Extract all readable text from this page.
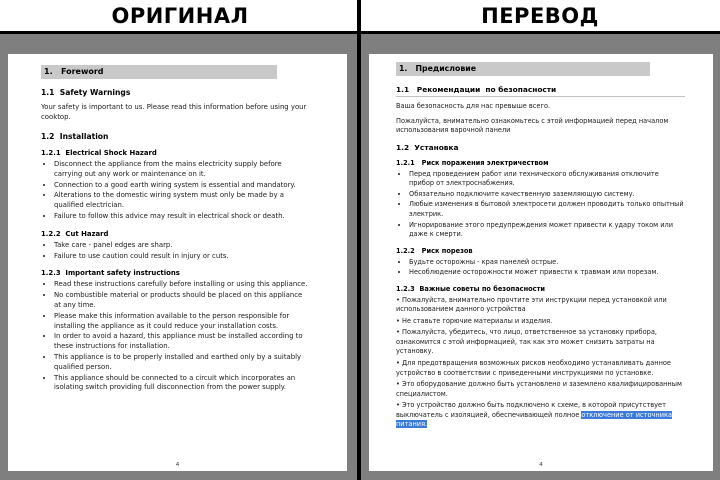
ОРИГИНАЛ	ПЕРЕВОД
1.   Foreword
1.1  Safety Warnings

Your safety is important to us. Please read this information before using your cooktop.

1.2  Installation
1.2.1  Electrical Shock Hazard
• Disconnect the appliance from the mains electricity supply before carrying out any work or maintenance on it.
• Connection to a good earth wiring system is essential and mandatory.
• Alterations to the domestic wiring system must only be made by a qualified electrician.
• Failure to follow this advice may result in electrical shock or death.
1.2.2  Cut Hazard
• Take care - panel edges are sharp.
• Failure to use caution could result in injury or cuts.
1.2.3  Important safety instructions
• Read these instructions carefully before installing or using this appliance.
• No combustible material or products should be placed on this appliance at any time.
• Please make this information available to the person responsible for installing the appliance as it could reduce your installation costs.
• In order to avoid a hazard, this appliance must be installed according to these instructions for installation.
• This appliance is to be properly installed and earthed only by a suitably qualified person.
• This appliance should be connected to a circuit which incorporates an isolating switch providing full disconnection from the power supply.
4
1.   Предисловие
1.1   Рекомендации  по безопасности

Ваша безопасность для нас превыше всего.

Пожалуйста, внимательно ознакомьтесь с этой информацией перед началом использования варочной панели

1.2  Установка
1.2.1   Риск поражения электричеством
• Перед проведением работ или технического обслуживания отключите прибор от электроснабжения.
• Обязательно подключите качественную заземляющую систему.
• Любые изменения в бытовой электросети должен проводить только опытный электрик.
• Игнорирование этого предупреждения может привести к удару током или даже к смерти.
1.2.2   Риск порезов
• Будьте осторожны - края панелей острые.
• Несоблюдение осторожности может привести к травмам или порезам.
1.2.3  Важные советы по безопасности

• Пожалуйста, внимательно прочтите эти инструкции перед установкой или использованием данного устройства

• Не ставьте горючие материалы и изделия.

• Пожалуйста, убедитесь, что лицо, ответственное за установку прибора, ознакомится с этой информацией, так как это может снизить затраты на установку.

• Для предотвращения возможных рисков необходимо устанавливать данное устройство в соответствии с приведенными инструкциями по установке.

• Это оборудование должно быть установлено и заземлено квалифицированным специалистом.

• Это устройство должно быть подключено к схеме, в которой присутствует выключатель с изоляцией, обеспечивающей полное отключение от источника питания.

4
